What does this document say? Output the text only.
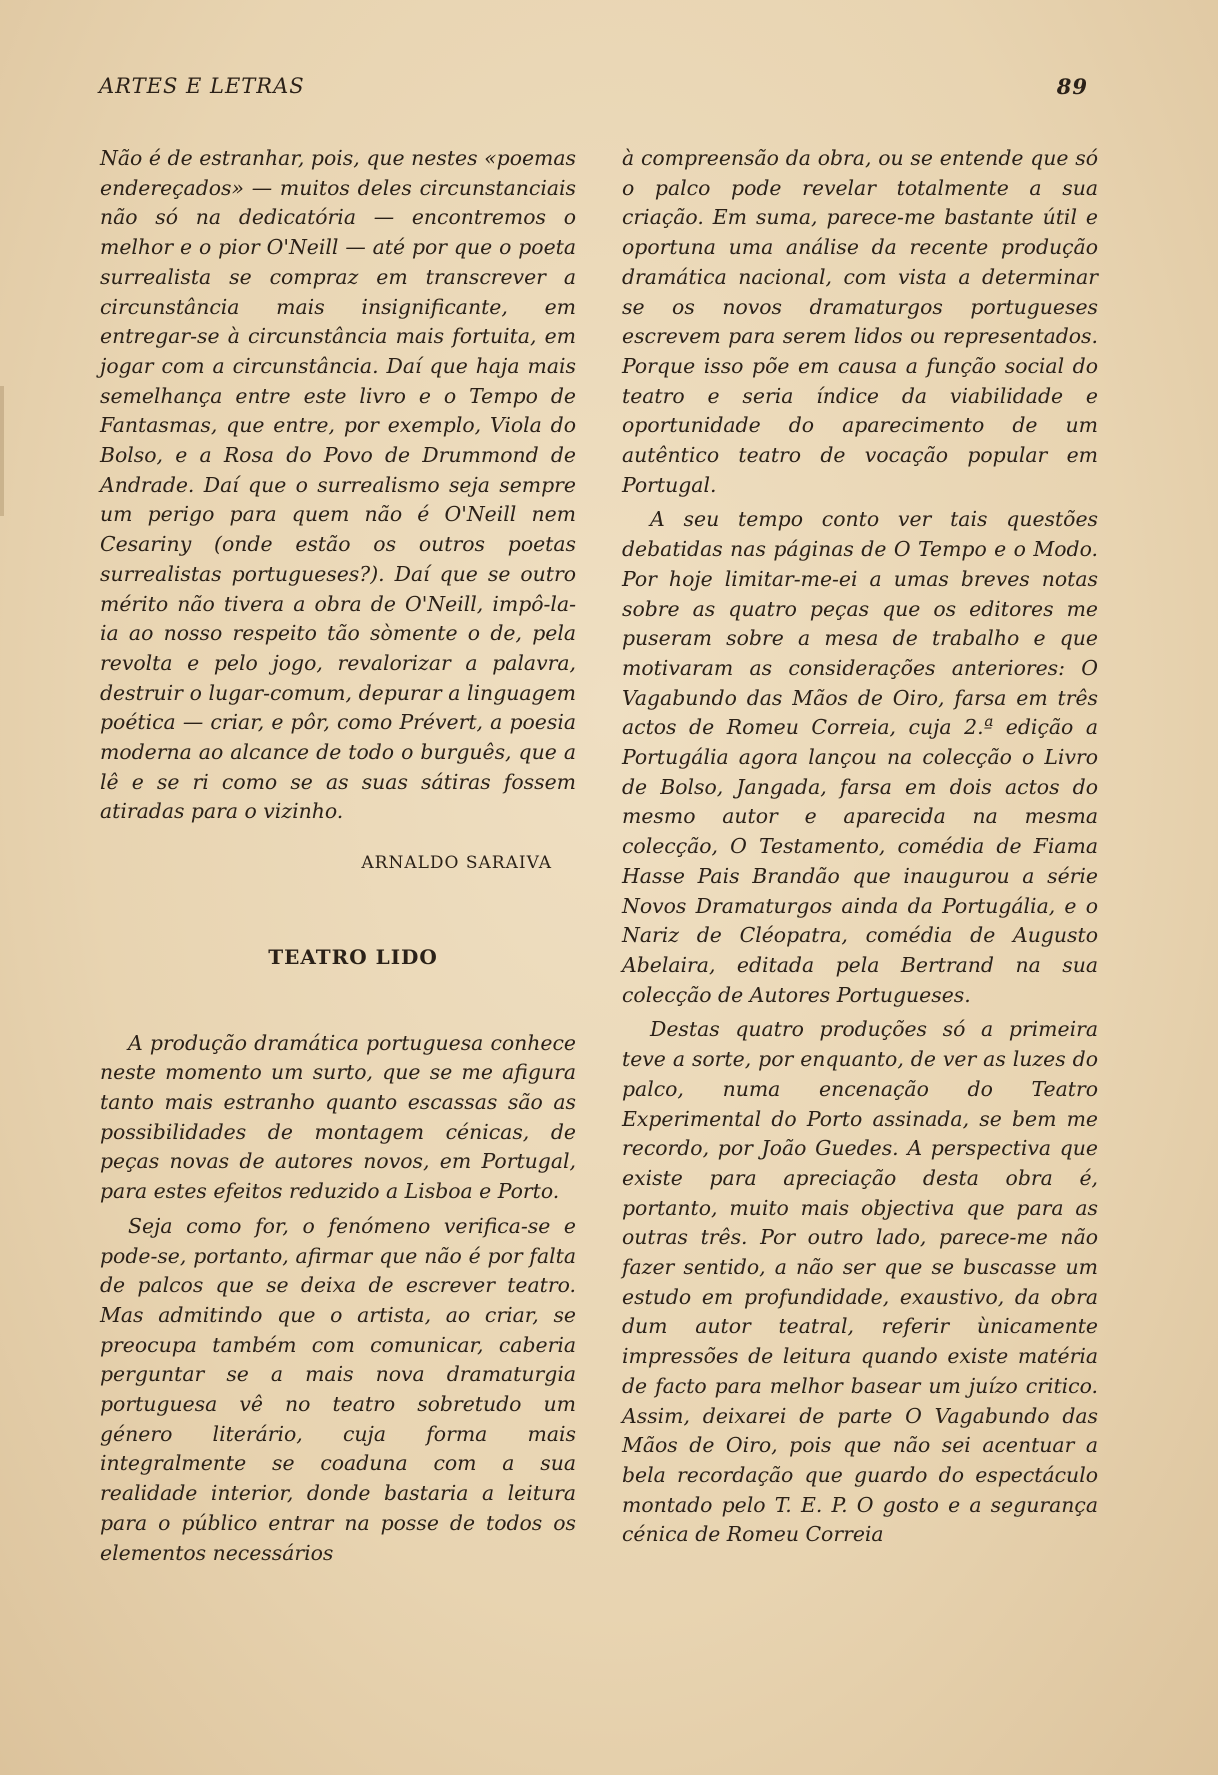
ARTES E LETRAS	89

Não é de estranhar, pois, que nestes «poemas endereçados» — muitos deles circunstanciais não só na dedicatória — encontremos o melhor e o pior O'Neill — até por que o poeta surrealista se compraz em transcrever a circunstância mais insignificante, em entregar-se à circunstância mais fortuita, em jogar com a circunstância. Daí que haja mais semelhança entre este livro e o Tempo de Fantasmas, que entre, por exemplo, Viola do Bolso, e a Rosa do Povo de Drummond de Andrade. Daí que o surrealismo seja sempre um perigo para quem não é O'Neill nem Cesariny (onde estão os outros poetas surrealistas portugueses?). Daí que se outro mérito não tivera a obra de O'Neill, impô-la-ia ao nosso respeito tão sòmente o de, pela revolta e pelo jogo, revalorizar a palavra, destruir o lugar-comum, depurar a linguagem poética — criar, e pôr, como Prévert, a poesia moderna ao alcance de todo o burguês, que a lê e se ri como se as suas sátiras fossem atiradas para o vizinho.

ARNALDO SARAIVA
TEATRO LIDO

A produção dramática portuguesa conhece neste momento um surto, que se me afigura tanto mais estranho quanto escassas são as possibilidades de montagem cénicas, de peças novas de autores novos, em Portugal, para estes efeitos reduzido a Lisboa e Porto.

Seja como for, o fenómeno verifica-se e pode-se, portanto, afirmar que não é por falta de palcos que se deixa de escrever teatro. Mas admitindo que o artista, ao criar, se preocupa também com comunicar, caberia perguntar se a mais nova dramaturgia portuguesa vê no teatro sobretudo um género literário, cuja forma mais integralmente se coaduna com a sua realidade interior, donde bastaria a leitura para o público entrar na posse de todos os elementos necessários

à compreensão da obra, ou se entende que só o palco pode revelar totalmente a sua criação. Em suma, parece-me bastante útil e oportuna uma análise da recente produção dramática nacional, com vista a determinar se os novos dramaturgos portugueses escrevem para serem lidos ou representados. Porque isso põe em causa a função social do teatro e seria índice da viabilidade e oportunidade do aparecimento de um autêntico teatro de vocação popular em Portugal.

A seu tempo conto ver tais questões debatidas nas páginas de O Tempo e o Modo. Por hoje limitar-me-ei a umas breves notas sobre as quatro peças que os editores me puseram sobre a mesa de trabalho e que motivaram as considerações anteriores: O Vagabundo das Mãos de Oiro, farsa em três actos de Romeu Correia, cuja 2.ª edição a Portugália agora lançou na colecção o Livro de Bolso, Jangada, farsa em dois actos do mesmo autor e aparecida na mesma colecção, O Testamento, comédia de Fiama Hasse Pais Brandão que inaugurou a série Novos Dramaturgos ainda da Portugália, e o Nariz de Cléopatra, comédia de Augusto Abelaira, editada pela Bertrand na sua colecção de Autores Portugueses.

Destas quatro produções só a primeira teve a sorte, por enquanto, de ver as luzes do palco, numa encenação do Teatro Experimental do Porto assinada, se bem me recordo, por João Guedes. A perspectiva que existe para apreciação desta obra é, portanto, muito mais objectiva que para as outras três. Por outro lado, parece-me não fazer sentido, a não ser que se buscasse um estudo em profundidade, exaustivo, da obra dum autor teatral, referir ùnicamente impressões de leitura quando existe matéria de facto para melhor basear um juízo critico. Assim, deixarei de parte O Vagabundo das Mãos de Oiro, pois que não sei acentuar a bela recordação que guardo do espectáculo montado pelo T. E. P. O gosto e a segurança cénica de Romeu Correia
